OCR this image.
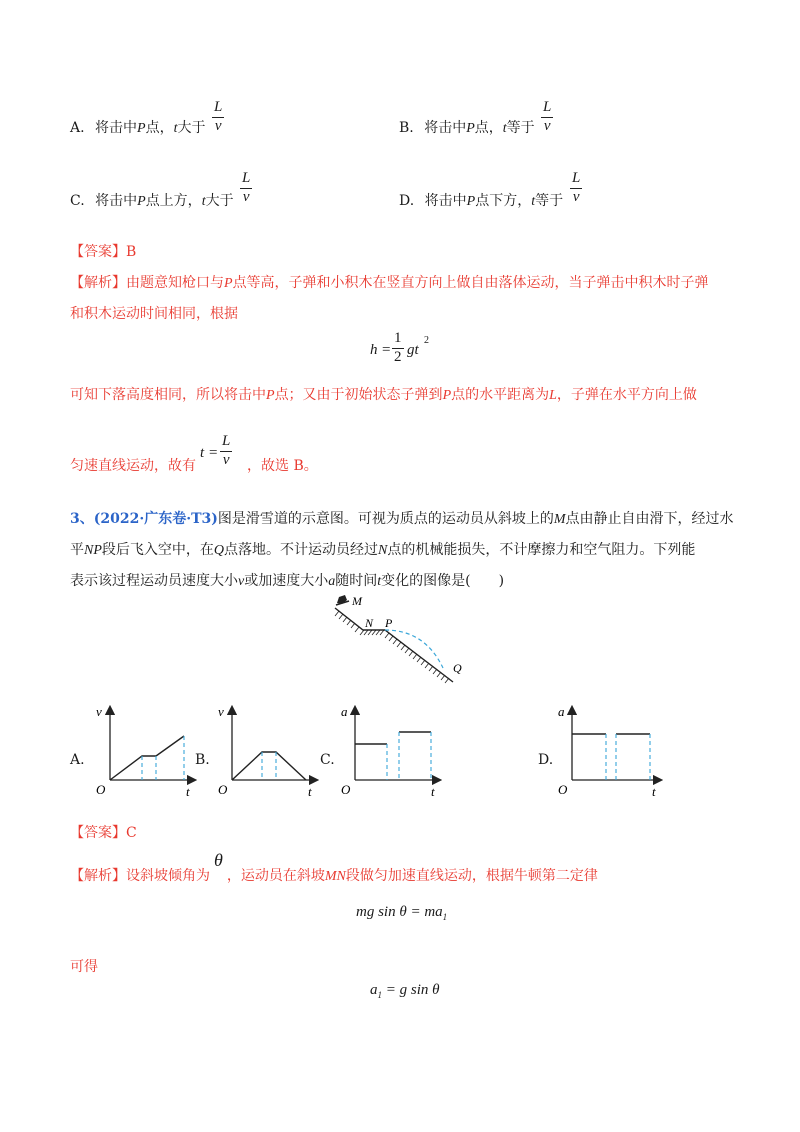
A. 将击中P点，t大于
L
v	B. 将击中P点，t等于
L
v
C. 将击中P点上方，t大于
L
v	D. 将击中P点下方，t等于
L
v
【答案】B
【解析】由题意知枪口与P点等高，子弹和小积木在竖直方向上做自由落体运动，当子弹击中积木时子弹
和积木运动时间相同，根据
h =
1
2 gt
2
可知下落高度相同，所以将击中P点；又由于初始状态子弹到P点的水平距离为L，子弹在水平方向上做
匀速直线运动，故有
t =
L
v ，故选 B。
3、(2022·广东卷·T3)图是滑雪道的示意图。可视为质点的运动员从斜坡上的M点由静止自由滑下，经过水
平NP段后飞入空中，在Q点落地。不计运动员经过N点的机械能损失，不计摩擦力和空气阻力。下列能
表示该过程运动员速度大小v或加速度大小a随时间t变化的图像是(　　)
M
N P
Q
A.
v
O	t
B.
v
O	t
C.
a
O	t
D.
a
O	t
【答案】C
【解析】设斜坡倾角为θ，运动员在斜坡MN段做匀加速直线运动，根据牛顿第二定律
mg $\sin \theta = ma_1$
可得
$a_1 = g$ sin θ
